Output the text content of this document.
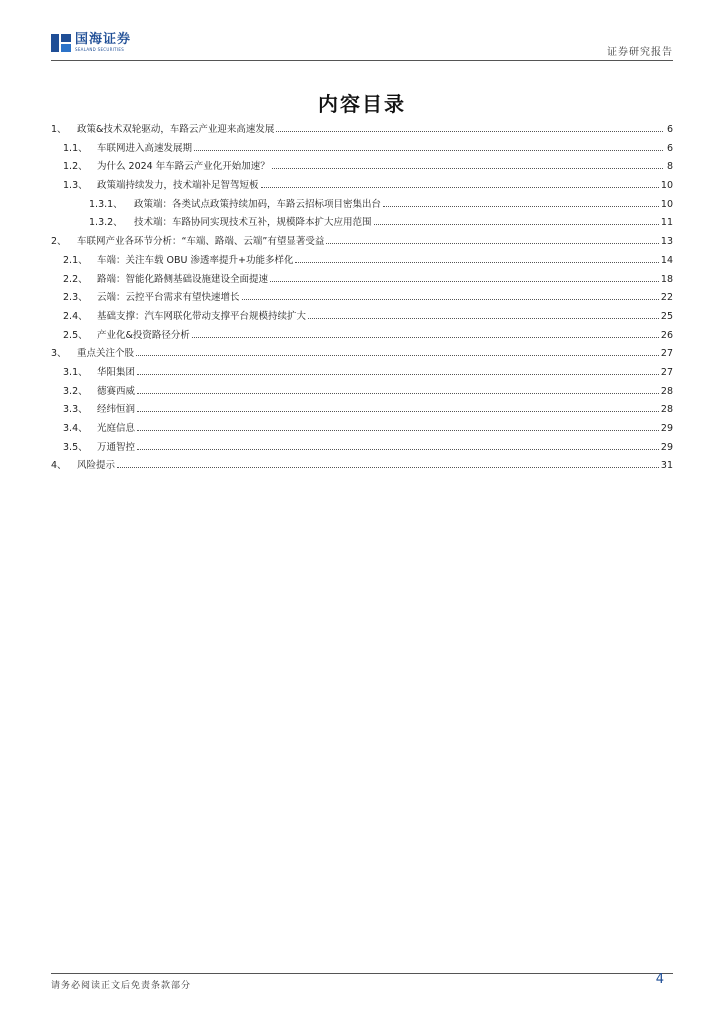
国海证券
SEALAND SECURITIES	证券研究报告
内容目录
1、	政策&技术双轮驱动，车路云产业迎来高速发展	6
1.1、 车联网进入高速发展期	6
1.2、 为什么 2024 年车路云产业化开始加速？	8
1.3、 政策端持续发力，技术端补足智驾短板	10
1.3.1、	政策端：各类试点政策持续加码，车路云招标项目密集出台	10
1.3.2、	技术端：车路协同实现技术互补，规模降本扩大应用范围	11
2、	车联网产业各环节分析：“车端、路端、云端”有望显著受益	13
2.1、 车端：关注车载 OBU 渗透率提升+功能多样化	14
2.2、 路端：智能化路侧基础设施建设全面提速	18
2.3、 云端：云控平台需求有望快速增长	22
2.4、 基础支撑：汽车网联化带动支撑平台规模持续扩大	25
2.5、 产业化&投资路径分析	26
3、	重点关注个股	27
3.1、 华阳集团	27
3.2、 德赛西威	28
3.3、 经纬恒润	28
3.4、 光庭信息	29
3.5、 万通智控	29
4、	风险提示	31
请务必阅读正文后免责条款部分	4
